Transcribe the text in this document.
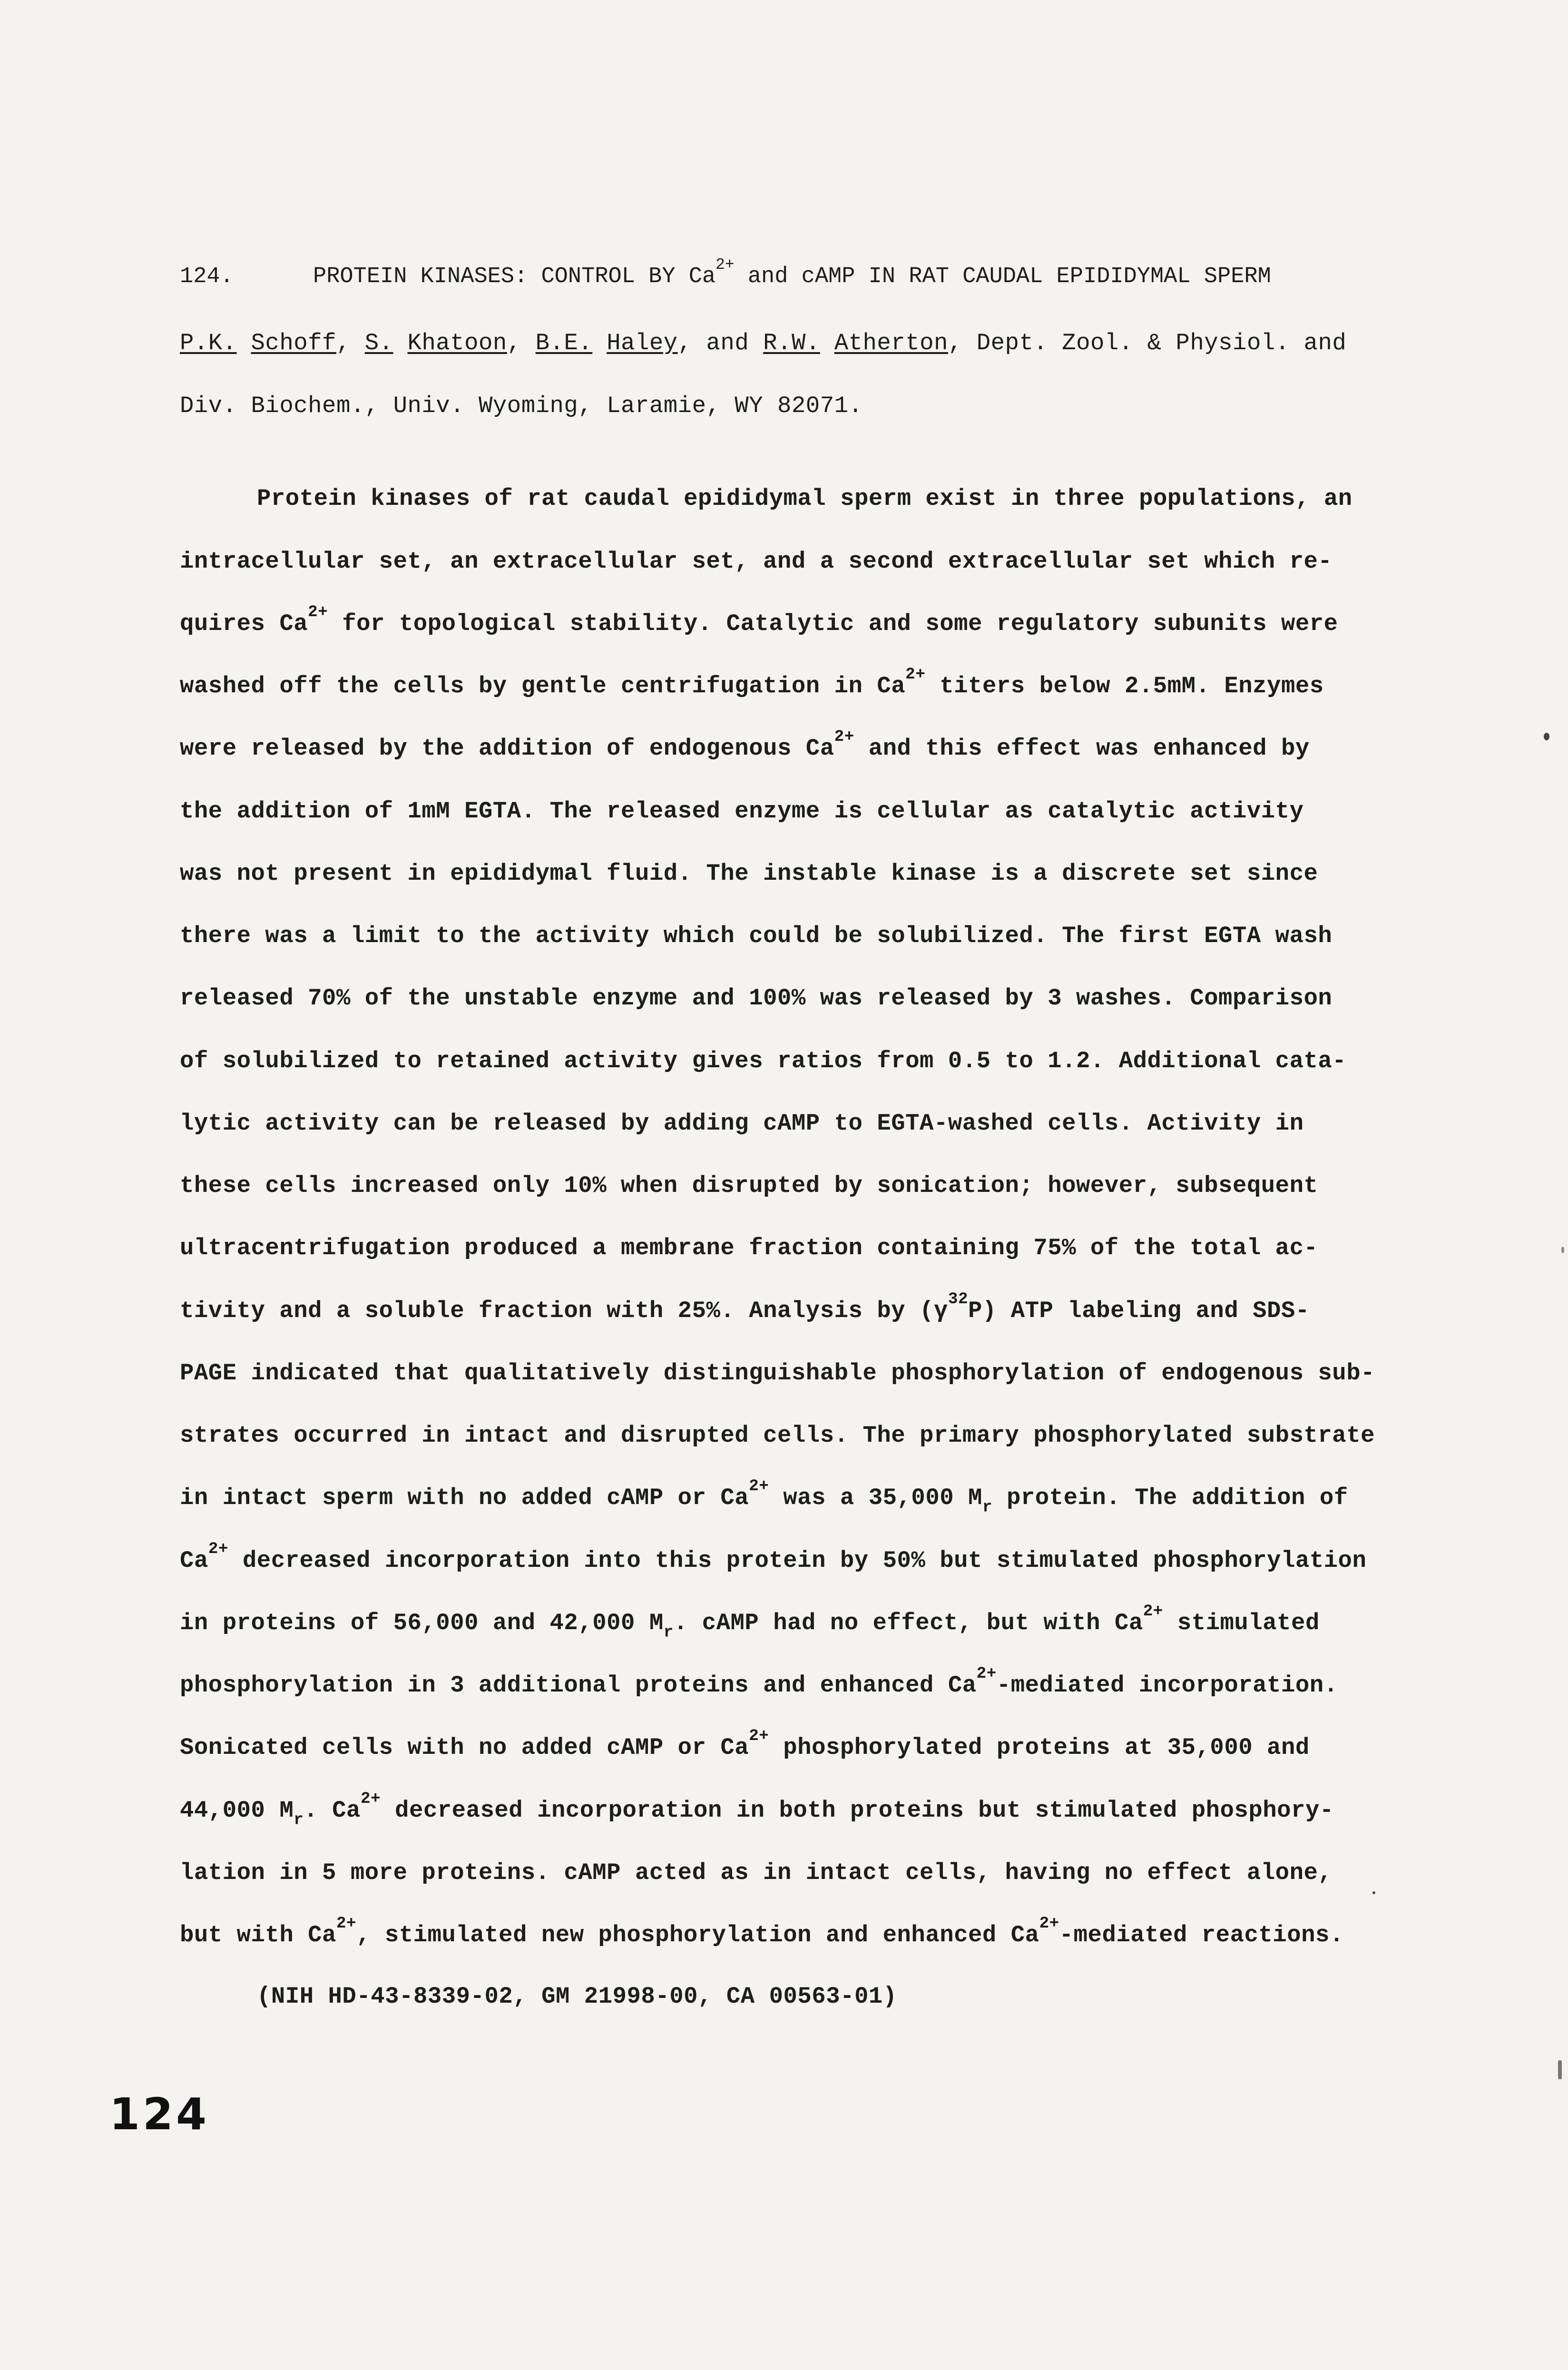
124.	PROTEIN KINASES: CONTROL BY $Ca^{2+}$ and cAMP IN RAT CAUDAL EPIDIDYMAL SPERM
P.K. Schoff, S. Khatoon, B.E. Haley, and R.W. Atherton, Dept. Zool. & Physiol. and
Div. Biochem., Univ. Wyoming, Laramie, WY 82071.
Protein kinases of rat caudal epididymal sperm exist in three populations, an
intracellular set, an extracellular set, and a second extracellular set which re-
quires $Ca^{2+}$ for topological stability. Catalytic and some regulatory subunits were
washed off the cells by gentle centrifugation in $Ca^{2+}$ titers below 2.5mM. Enzymes
were released by the addition of endogenous $Ca^{2+}$ and this effect was enhanced by
the addition of 1mM EGTA. The released enzyme is cellular as catalytic activity
was not present in epididymal fluid. The instable kinase is a discrete set since
there was a limit to the activity which could be solubilized. The first EGTA wash
released 70% of the unstable enzyme and 100% was released by 3 washes. Comparison
of solubilized to retained activity gives ratios from 0.5 to 1.2. Additional cata-
lytic activity can be released by adding cAMP to EGTA-washed cells. Activity in
these cells increased only 10% when disrupted by sonication; however, subsequent
ultracentrifugation produced a membrane fraction containing 75% of the total ac-
tivity and a soluble fraction with 25%. Analysis by $(\gamma^{32}P)$ ATP labeling and SDS-
PAGE indicated that qualitatively distinguishable phosphorylation of endogenous sub-
strates occurred in intact and disrupted cells. The primary phosphorylated substrate
in intact sperm with no added cAMP or $Ca^{2+}$ was a 35,000 $M_r$ protein. The addition of
$Ca^{2+}$ decreased incorporation into this protein by 50% but stimulated phosphorylation
in proteins of 56,000 and 42,000 $M_r$. cAMP had no effect, but with $Ca^{2+}$ stimulated
phosphorylation in 3 additional proteins and enhanced $Ca^{2+}$-mediated incorporation.
Sonicated cells with no added cAMP or $Ca^{2+}$ phosphorylated proteins at 35,000 and
44,000 $M_r$. $Ca^{2+}$ decreased incorporation in both proteins but stimulated phosphory-
lation in 5 more proteins. cAMP acted as in intact cells, having no effect alone,
but with $Ca^{2+}$, stimulated new phosphorylation and enhanced $Ca^{2+}$-mediated reactions.
(NIH HD-43-8339-02, GM 21998-00, CA 00563-01)
124
